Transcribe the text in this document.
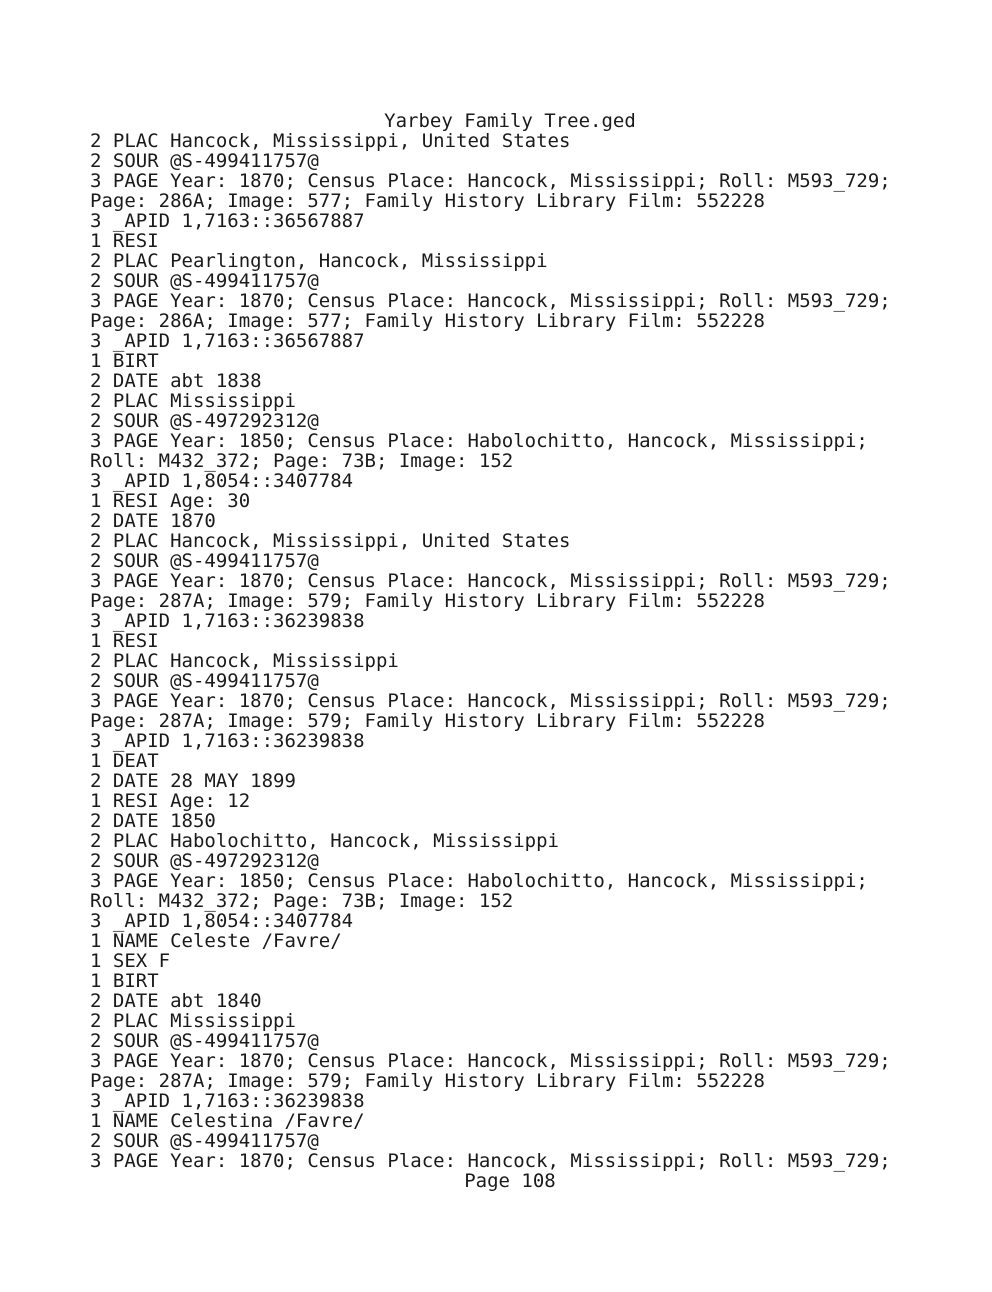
Yarbey Family Tree.ged
2 PLAC Hancock, Mississippi, United States
2 SOUR @S-499411757@
3 PAGE Year: 1870; Census Place: Hancock, Mississippi; Roll: M593_729;
Page: 286A; Image: 577; Family History Library Film: 552228
3 _APID 1,7163::36567887
1 RESI
2 PLAC Pearlington, Hancock, Mississippi
2 SOUR @S-499411757@
3 PAGE Year: 1870; Census Place: Hancock, Mississippi; Roll: M593_729;
Page: 286A; Image: 577; Family History Library Film: 552228
3 _APID 1,7163::36567887
1 BIRT
2 DATE abt 1838
2 PLAC Mississippi
2 SOUR @S-497292312@
3 PAGE Year: 1850; Census Place: Habolochitto, Hancock, Mississippi;
Roll: M432_372; Page: 73B; Image: 152
3 _APID 1,8054::3407784
1 RESI Age: 30
2 DATE 1870
2 PLAC Hancock, Mississippi, United States
2 SOUR @S-499411757@
3 PAGE Year: 1870; Census Place: Hancock, Mississippi; Roll: M593_729;
Page: 287A; Image: 579; Family History Library Film: 552228
3 _APID 1,7163::36239838
1 RESI
2 PLAC Hancock, Mississippi
2 SOUR @S-499411757@
3 PAGE Year: 1870; Census Place: Hancock, Mississippi; Roll: M593_729;
Page: 287A; Image: 579; Family History Library Film: 552228
3 _APID 1,7163::36239838
1 DEAT
2 DATE 28 MAY 1899
1 RESI Age: 12
2 DATE 1850
2 PLAC Habolochitto, Hancock, Mississippi
2 SOUR @S-497292312@
3 PAGE Year: 1850; Census Place: Habolochitto, Hancock, Mississippi;
Roll: M432_372; Page: 73B; Image: 152
3 _APID 1,8054::3407784
1 NAME Celeste /Favre/
1 SEX F
1 BIRT
2 DATE abt 1840
2 PLAC Mississippi
2 SOUR @S-499411757@
3 PAGE Year: 1870; Census Place: Hancock, Mississippi; Roll: M593_729;
Page: 287A; Image: 579; Family History Library Film: 552228
3 _APID 1,7163::36239838
1 NAME Celestina /Favre/
2 SOUR @S-499411757@
3 PAGE Year: 1870; Census Place: Hancock, Mississippi; Roll: M593_729;
Page 108
